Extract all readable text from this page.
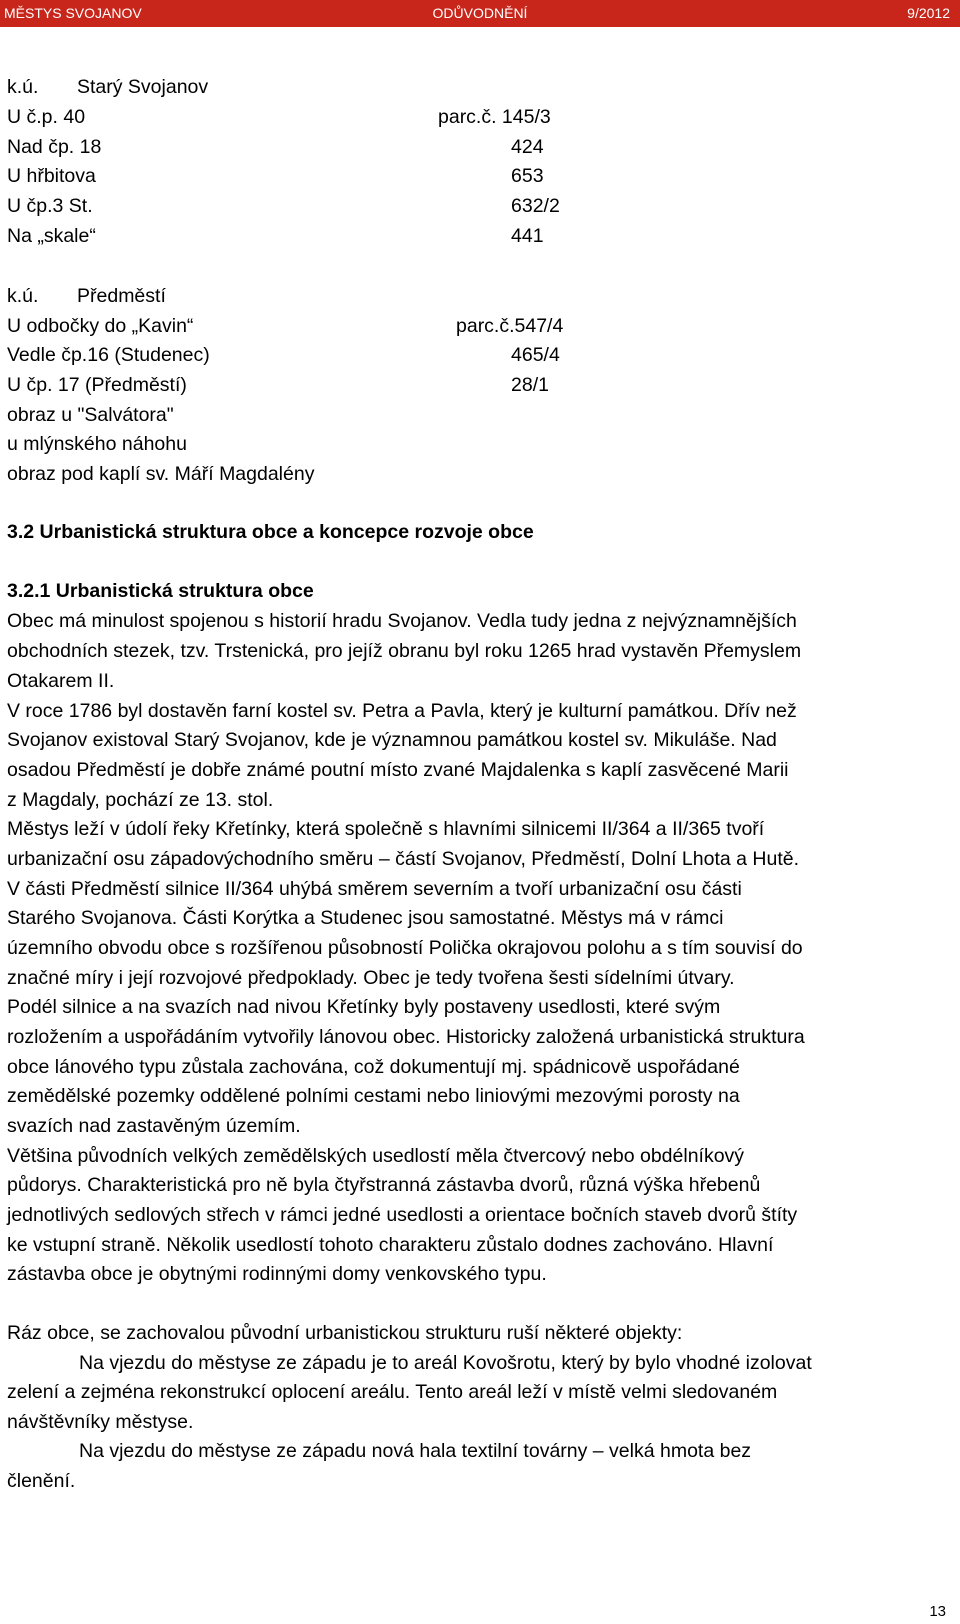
MĚSTYS SVOJANOV	ODŮVODNĚNÍ	9/2012
k.ú. Starý Svojanov
U č.p. 40	parc.č. 145/3
Nad čp. 18	424
U hřbitova	653
U čp.3 St.	632/2
Na „skale“	441
k.ú. Předměstí
U odbočky do „Kavin“	parc.č.547/4
Vedle čp.16 (Studenec)	465/4
U čp. 17 (Předměstí)	28/1
obraz u "Salvátora"
u mlýnského náhohu
obraz pod kaplí sv. Máří Magdalény
3.2 Urbanistická struktura obce a koncepce rozvoje obce
3.2.1 Urbanistická struktura obce
Obec má minulost spojenou s historií hradu Svojanov. Vedla tudy jedna z nejvýznamnějších
obchodních stezek, tzv. Trstenická, pro jejíž obranu byl roku 1265 hrad vystavěn Přemyslem
Otakarem II.
V roce 1786 byl dostavěn farní kostel sv. Petra a Pavla, který je kulturní památkou. Dřív než
Svojanov existoval Starý Svojanov, kde je významnou památkou kostel sv. Mikuláše. Nad
osadou Předměstí je dobře známé poutní místo zvané Majdalenka s kaplí zasvěcené Marii
z Magdaly, pochází ze 13. stol.
Městys leží v údolí řeky Křetínky, která společně s hlavními silnicemi II/364 a II/365 tvoří
urbanizační osu západovýchodního směru – částí Svojanov, Předměstí, Dolní Lhota a Hutě.
V části Předměstí silnice II/364 uhýbá směrem severním a tvoří urbanizační osu části
Starého Svojanova. Části Korýtka a Studenec jsou samostatné. Městys má v rámci
územního obvodu obce s rozšířenou působností Polička okrajovou polohu a s tím souvisí do
značné míry i její rozvojové předpoklady. Obec je tedy tvořena šesti sídelními útvary.
Podél silnice a na svazích nad nivou Křetínky byly postaveny usedlosti, které svým
rozložením a uspořádáním vytvořily lánovou obec. Historicky založená urbanistická struktura
obce lánového typu zůstala zachována, což dokumentují mj. spádnicově uspořádané
zemědělské pozemky oddělené polními cestami nebo liniovými mezovými porosty na
svazích nad zastavěným územím.
Většina původních velkých zemědělských usedlostí měla čtvercový nebo obdélníkový
půdorys. Charakteristická pro ně byla čtyřstranná zástavba dvorů, různá výška hřebenů
jednotlivých sedlových střech v rámci jedné usedlosti a orientace bočních staveb dvorů štíty
ke vstupní straně. Několik usedlostí tohoto charakteru zůstalo dodnes zachováno. Hlavní
zástavba obce je obytnými rodinnými domy venkovského typu.
Ráz obce, se zachovalou původní urbanistickou strukturu ruší některé objekty:
Na vjezdu do městyse ze západu je to areál Kovošrotu, který by bylo vhodné izolovat
zelení a zejména rekonstrukcí oplocení areálu. Tento areál leží v místě velmi sledovaném
návštěvníky městyse.
Na vjezdu do městyse ze západu nová hala textilní továrny – velká hmota bez
členění.
13
